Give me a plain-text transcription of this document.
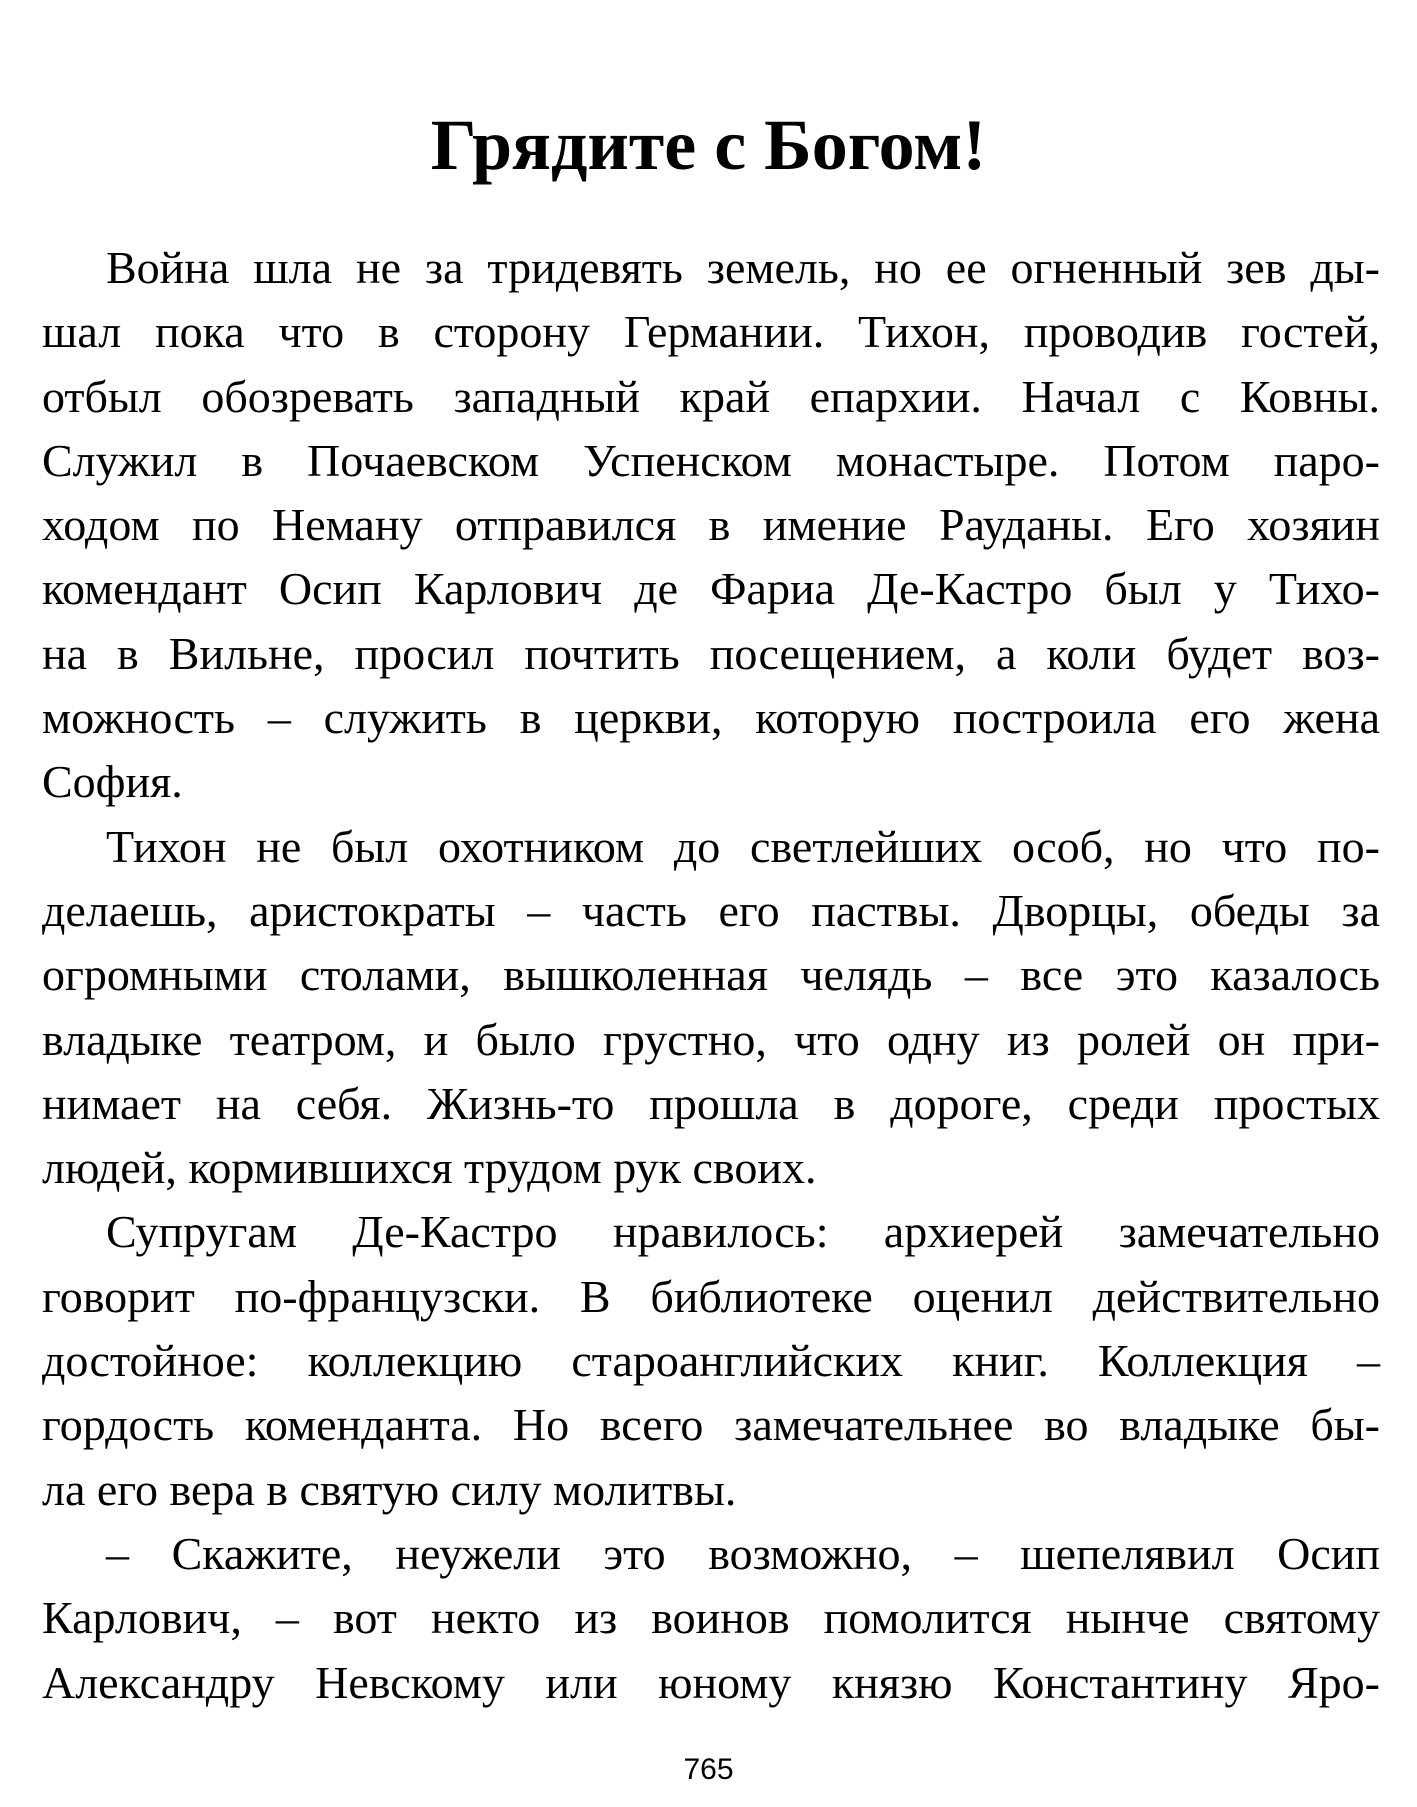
Грядите с Богом!
Война шла не за тридевять земель, но ее огненный зев ды-
шал пока что в сторону Германии. Тихон, проводив гостей,
отбыл обозревать западный край епархии. Начал с Ковны.
Служил в Почаевском Успенском монастыре. Потом паро-
ходом по Неману отправился в имение Рауданы. Его хозяин
комендант Осип Карлович де Фариа Де-Кастро был у Тихо-
на в Вильне, просил почтить посещением, а коли будет воз-
можность – служить в церкви, которую построила его жена
София.
Тихон не был охотником до светлейших особ, но что по-
делаешь, аристократы – часть его паствы. Дворцы, обеды за
огромными столами, вышколенная челядь – все это казалось
владыке театром, и было грустно, что одну из ролей он при-
нимает на себя. Жизнь-то прошла в дороге, среди простых
людей, кормившихся трудом рук своих.
Супругам Де-Кастро нравилось: архиерей замечательно
говорит по-французски. В библиотеке оценил действительно
достойное: коллекцию староанглийских книг. Коллекция –
гордость коменданта. Но всего замечательнее во владыке бы-
ла его вера в святую силу молитвы.
– Скажите, неужели это возможно, – шепелявил Осип
Карлович, – вот некто из воинов помолится нынче святому
Александру Невскому или юному князю Константину Яро-
765
